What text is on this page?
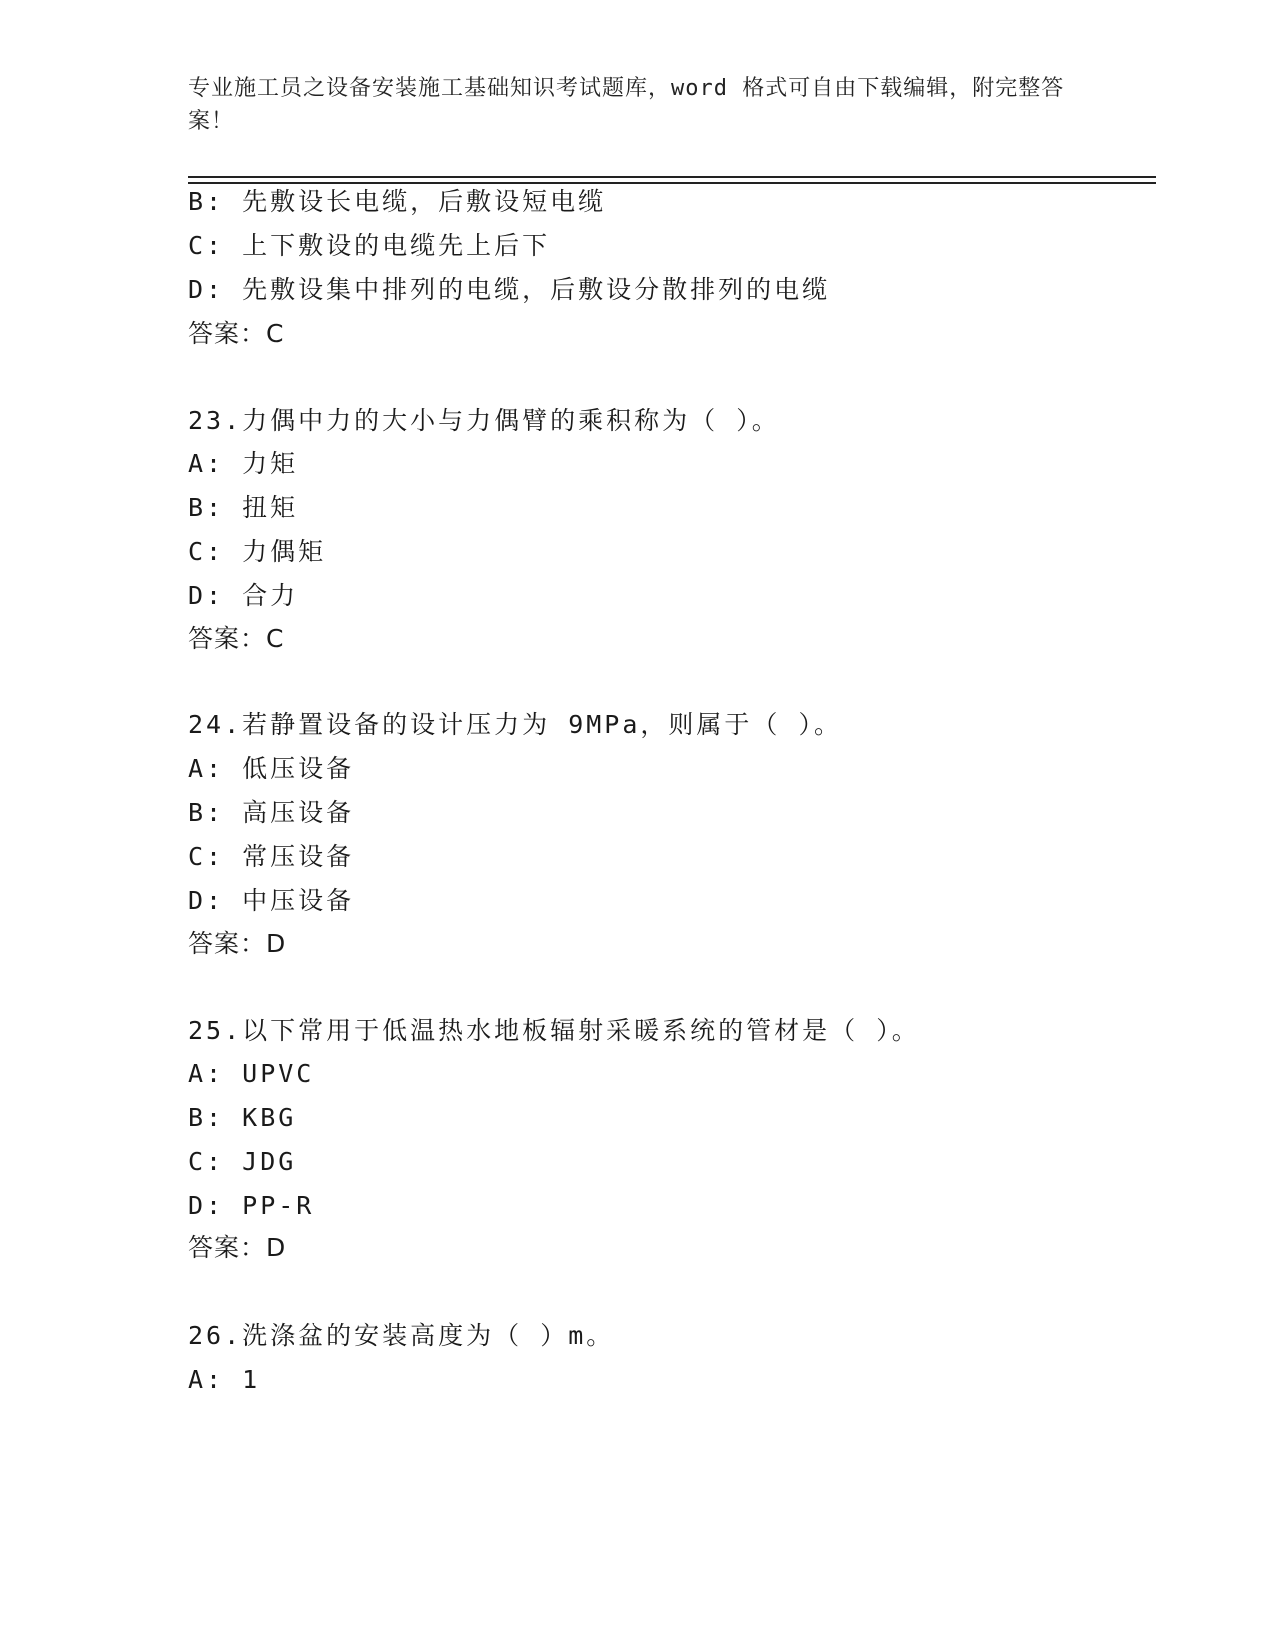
专业施工员之设备安装施工基础知识考试题库，word 格式可自由下载编辑，附完整答案！
B: 先敷设长电缆，后敷设短电缆
C: 上下敷设的电缆先上后下
D: 先敷设集中排列的电缆，后敷设分散排列的电缆
答案：C
23.力偶中力的大小与力偶臂的乘积称为（ ）。
A: 力矩
B: 扭矩
C: 力偶矩
D: 合力
答案：C
24.若静置设备的设计压力为 9MPa，则属于（ ）。
A: 低压设备
B: 高压设备
C: 常压设备
D: 中压设备
答案：D
25.以下常用于低温热水地板辐射采暖系统的管材是（ ）。
A: UPVC
B: KBG
C: JDG
D: PP-R
答案：D
26.洗涤盆的安装高度为（ ）m。
A: 1
